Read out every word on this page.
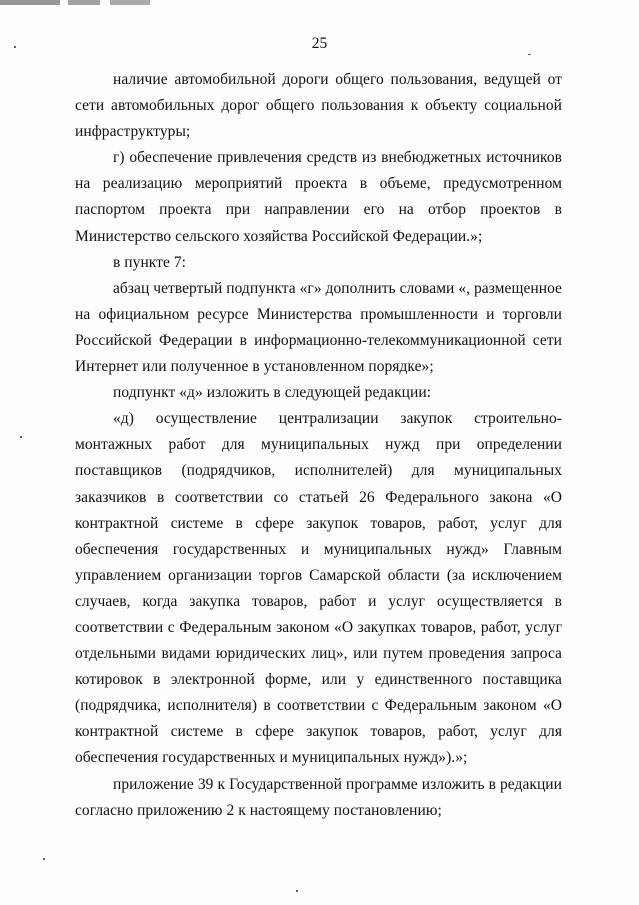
25

наличие автомобильной дороги общего пользования, ведущей от сети автомобильных дорог общего пользования к объекту социальной инфраструктуры;

г) обеспечение привлечения средств из внебюджетных источников на реализацию мероприятий проекта в объеме, предусмотренном паспортом проекта при направлении его на отбор проектов в Министерство сельского хозяйства Российской Федерации.»;

в пункте 7:

абзац четвертый подпункта «г» дополнить словами «, размещенное на официальном ресурсе Министерства промышленности и торговли Российской Федерации в информационно-телекоммуникационной сети Интернет или полученное в установленном порядке»;

подпункт «д» изложить в следующей редакции:

«д) осуществление централизации закупок строительно-монтажных работ для муниципальных нужд при определении поставщиков (подрядчиков, исполнителей) для муниципальных заказчиков в соответствии со статьей 26 Федерального закона «О контрактной системе в сфере закупок товаров, работ, услуг для обеспечения государственных и муниципальных нужд» Главным управлением организации торгов Самарской области (за исключением случаев, когда закупка товаров, работ и услуг осуществляется в соответствии с Федеральным законом «О закупках товаров, работ, услуг отдельными видами юридических лиц», или путем проведения запроса котировок в электронной форме, или у единственного поставщика (подрядчика, исполнителя) в соответствии с Федеральным законом «О контрактной системе в сфере закупок товаров, работ, услуг для обеспечения государственных и муниципальных нужд»).»;

приложение 39 к Государственной программе изложить в редакции согласно приложению 2 к настоящему постановлению;
